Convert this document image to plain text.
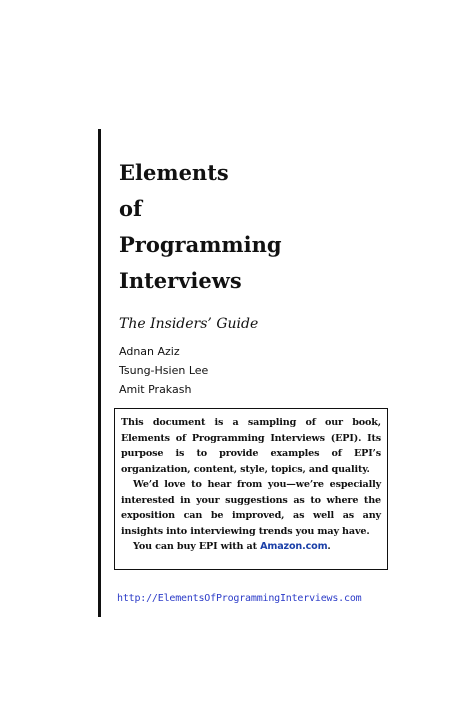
Elements
of
Programming
Interviews

The Insiders’ Guide

Adnan Aziz

Tsung-Hsien Lee

Amit Prakash

This document is a sampling of our book, Elements of Programming Interviews (EPI). Its purpose is to provide examples of EPI’s organization, content, style, topics, and quality.

We’d love to hear from you—we’re especially interested in your suggestions as to where the exposition can be improved, as well as any insights into interviewing trends you may have.

You can buy EPI with at Amazon.com.

http://ElementsOfProgrammingInterviews.com
